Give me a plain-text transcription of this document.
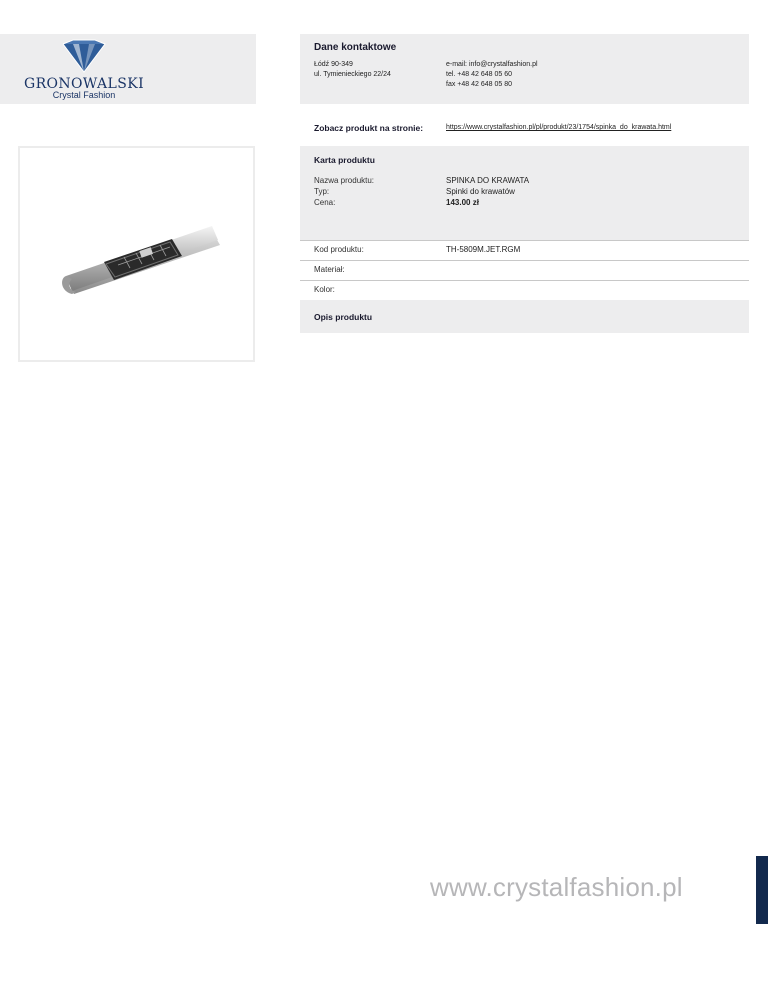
GRONOWALSKI
Crystal Fashion
Dane kontaktowe
Łódź 90-349
ul. Tymienieckiego 22/24
e-mail: info@crystalfashion.pl
tel. +48 42 648 05 60
fax +48 42 648 05 80
Zobacz produkt na stronie:	https://www.crystalfashion.pl/pl/produkt/23/1754/spinka_do_krawata.html
Karta produktu
Nazwa produktu:
Typ:
Cena:
SPINKA DO KRAWATA
Spinki do krawatów
143.00 zł
Kod produktu:	TH-5809M.JET.RGM
Materiał:
Kolor:
Opis produktu
www.crystalfashion.pl
